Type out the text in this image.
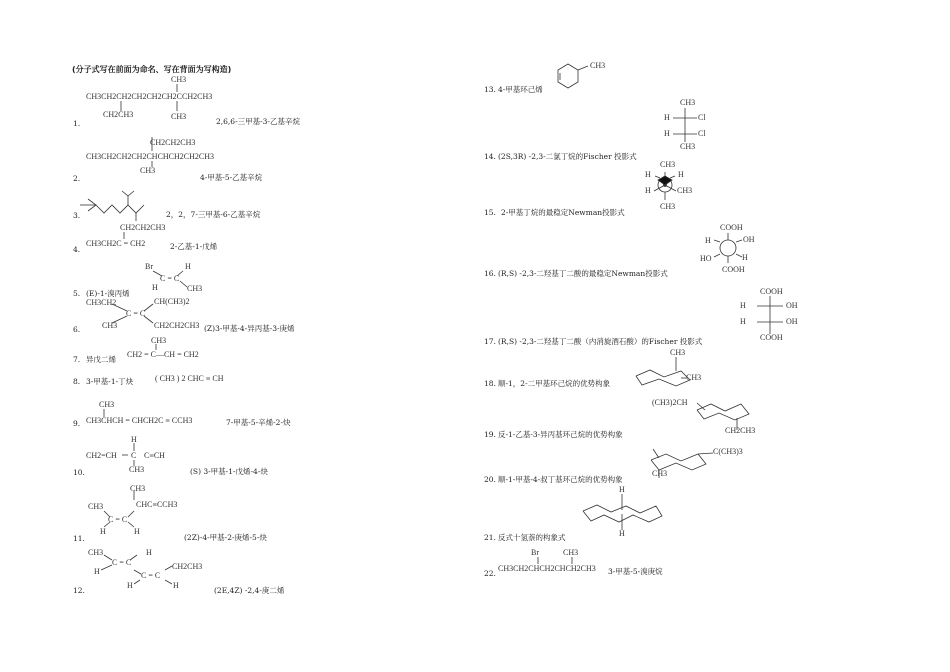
(分子式写在前面为命名、写在背面为写构造)
CH3
CH3CH2CH2CH2CH2CH2CCH2CH3
CH2CH3	CH3
1.	2,6,6-三甲基-3-乙基辛烷
CH2CH2CH3
CH3CH2CH2CH2CHCHCH2CH2CH3
CH3
2.	4-甲基-5-乙基辛烷
3.	2，2，7-三甲基-6-乙基辛烷
CH2CH2CH3
CH3CH2C = CH2
4.	2-乙基-1-戊烯
Br	H
C = C
H	CH3
5. (E)-1-溴丙烯
CH3CH2	CH(CH3)2
C = C
CH3	CH2CH2CH3
6.	(Z)3-甲基-4-异丙基-3-庚烯
CH3
CH2 = C—CH = CH2
7. 异戊二烯
8. 3-甲基-1-丁炔	( CH3 ) 2 CHC ≡ CH
CH3
CH3CHCH = CHCH2C ≡ CCH3
9.	7-甲基-5-辛烯-2-炔
H
CH2=CH C C≡CH
CH3
10.	(S) 3-甲基-1-戊烯-4-炔
CH3
CH3	CHC≡CCH3
C = C
H	H
11.	(2Z)-4-甲基-2-庚烯-5-炔
CH3
C = C
H
H
CH2CH3
C = C
H	H
12.	(2E,4Z) -2,4-庚二烯
CH3
13. 4-甲基环己烯
CH3
H	Cl
H	Cl
CH3
14. (2S,3R) -2,3-二氯丁烷的Fischer 投影式
CH3
H	H
H	CH3
CH3
15. 2-甲基丁烷的最稳定Newman投影式
COOH
H	OH
HO	H
COOH
16. (R,S) -2,3-二羟基丁二酸的最稳定Newman投影式
COOH
H	OH
H	OH
COOH
17. (R,S) -2,3-二羟基丁二酸（内消旋酒石酸）的Fischer 投影式
CH3
CH3
18. 顺-1，2-二甲基环己烷的优势构象
(CH3)2CH
CH2CH3
19. 反-1-乙基-3-异丙基环己烷的优势构象
C(CH3)3
CH3
20. 顺-1-甲基-4-叔丁基环己烷的优势构象
H
H
21. 反式十氢萘的构象式
Br	CH3
CH3CH2CHCH2CHCH2CH3
22.	3-甲基-5-溴庚烷
